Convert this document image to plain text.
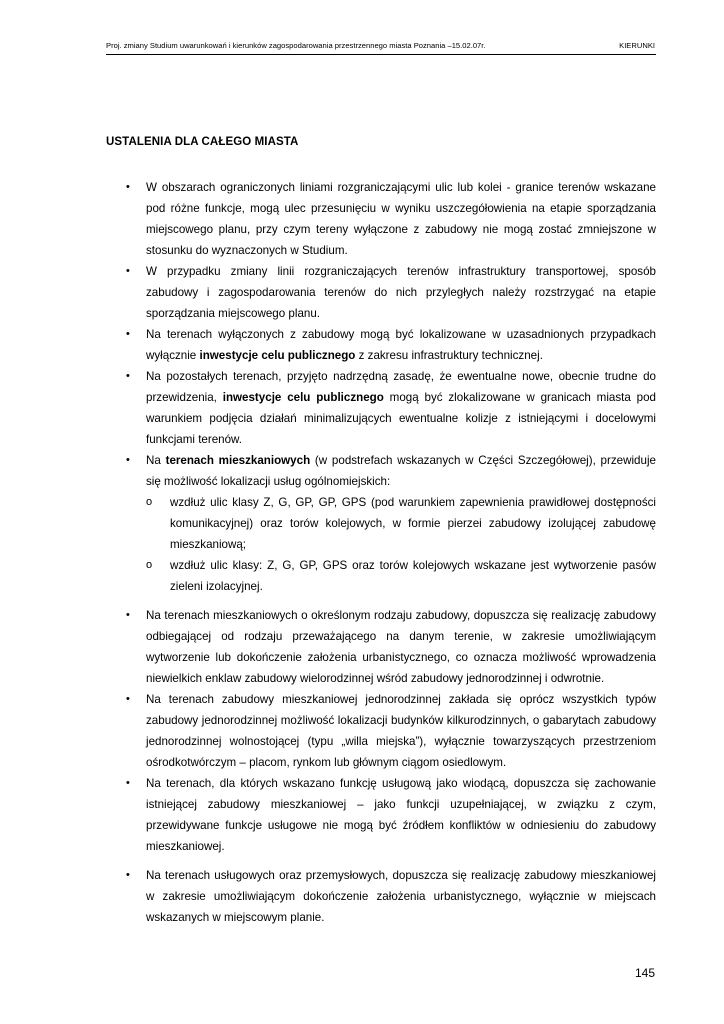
Proj. zmiany Studium uwarunkowań i kierunków zagospodarowania przestrzennego miasta Poznania –15.02.07r.	KIERUNKI
USTALENIA DLA CAŁEGO MIASTA
• W obszarach ograniczonych liniami rozgraniczającymi ulic lub kolei - granice terenów wskazane pod różne funkcje, mogą ulec przesunięciu w wyniku uszczegółowienia na etapie sporządzania miejscowego planu, przy czym tereny wyłączone z zabudowy nie mogą zostać zmniejszone w stosunku do wyznaczonych w Studium.
• W przypadku zmiany linii rozgraniczających terenów infrastruktury transportowej, sposób zabudowy i zagospodarowania terenów do nich przyległych należy rozstrzygać na etapie sporządzania miejscowego planu.
• Na terenach wyłączonych z zabudowy mogą być lokalizowane w uzasadnionych przypadkach wyłącznie inwestycje celu publicznego z zakresu infrastruktury technicznej.
• Na pozostałych terenach, przyjęto nadrzędną zasadę, że ewentualne nowe, obecnie trudne do przewidzenia, inwestycje celu publicznego mogą być zlokalizowane w granicach miasta pod warunkiem podjęcia działań minimalizujących ewentualne kolizje z istniejącymi i docelowymi funkcjami terenów.
• Na terenach mieszkaniowych (w podstrefach wskazanych w Części Szczegółowej), przewiduje się możliwość lokalizacji usług ogólnomiejskich:
o wzdłuż ulic klasy Z, G, GP, GP, GPS (pod warunkiem zapewnienia prawidłowej dostępności komunikacyjnej) oraz torów kolejowych, w formie pierzei zabudowy izolującej zabudowę mieszkaniową;
o wzdłuż ulic klasy: Z, G, GP, GPS oraz torów kolejowych wskazane jest wytworzenie pasów zieleni izolacyjnej.
• Na terenach mieszkaniowych o określonym rodzaju zabudowy, dopuszcza się realizację zabudowy odbiegającej od rodzaju przeważającego na danym terenie, w zakresie umożliwiającym wytworzenie lub dokończenie założenia urbanistycznego, co oznacza możliwość wprowadzenia niewielkich enklaw zabudowy wielorodzinnej wśród zabudowy jednorodzinnej i odwrotnie.
• Na terenach zabudowy mieszkaniowej jednorodzinnej zakłada się oprócz wszystkich typów zabudowy jednorodzinnej możliwość lokalizacji budynków kilkurodzinnych, o gabarytach zabudowy jednorodzinnej wolnostojącej (typu „willa miejska”), wyłącznie towarzyszących przestrzeniom ośrodkotwórczym – placom, rynkom lub głównym ciągom osiedlowym.
• Na terenach, dla których wskazano funkcję usługową jako wiodącą, dopuszcza się zachowanie istniejącej zabudowy mieszkaniowej – jako funkcji uzupełniającej, w związku z czym, przewidywane funkcje usługowe nie mogą być źródłem konfliktów w odniesieniu do zabudowy mieszkaniowej.
• Na terenach usługowych oraz przemysłowych, dopuszcza się realizację zabudowy mieszkaniowej w zakresie umożliwiającym dokończenie założenia urbanistycznego, wyłącznie w miejscach wskazanych w miejscowym planie.
145
